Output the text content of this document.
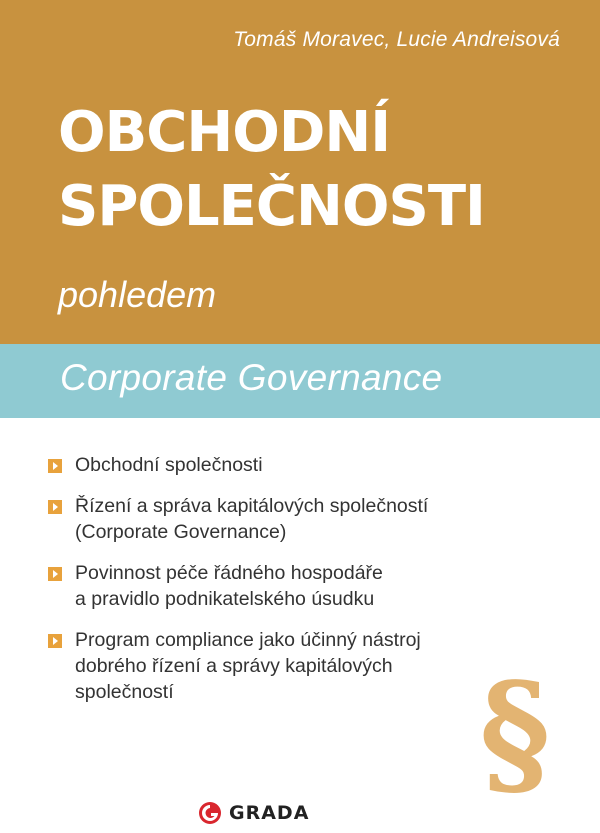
Tomáš Moravec, Lucie Andreisová
OBCHODNÍ
SPOLEČNOSTI
pohledem
Corporate Governance
Obchodní společnosti
Řízení a správa kapitálových společností
(Corporate Governance)
Povinnost péče řádného hospodáře
a pravidlo podnikatelského úsudku
Program compliance jako účinný nástroj
dobrého řízení a správy kapitálových
společností	§
GRADA
